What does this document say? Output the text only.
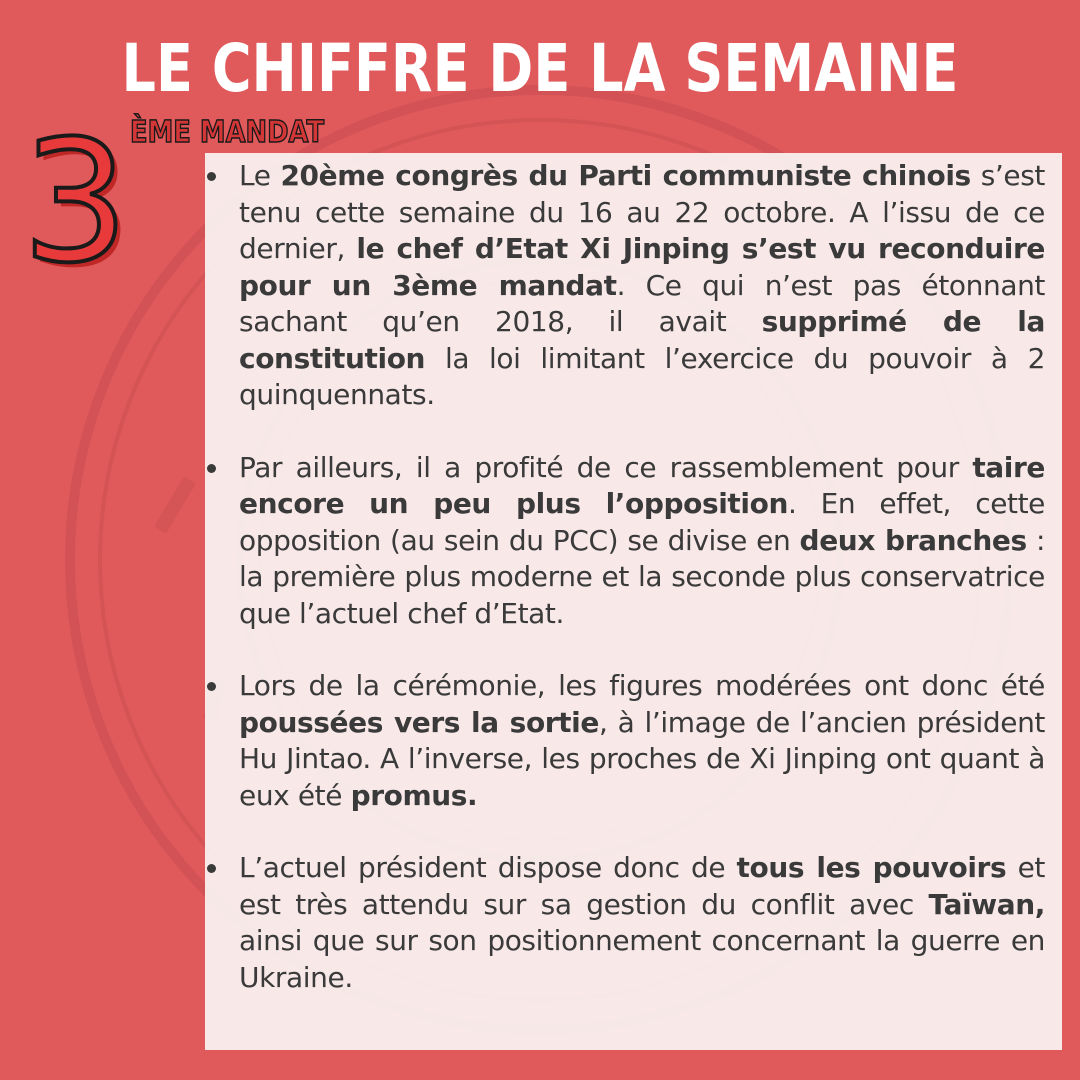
LE CHIFFRE DE LA SEMAINE
3 ÈME MANDAT
Le 20ème congrès du Parti communiste chinois s’est tenu cette semaine du 16 au 22 octobre. A l’issu de ce dernier, le chef d’Etat Xi Jinping s’est vu reconduire pour un 3ème mandat. Ce qui n’est pas étonnant sachant qu’en 2018, il avait supprimé de la constitution la loi limitant l’exercice du pouvoir à 2 quinquennats.
Par ailleurs, il a profité de ce rassemblement pour taire encore un peu plus l’opposition. En effet, cette opposition (au sein du PCC) se divise en deux branches : la première plus moderne et la seconde plus conservatrice que l’actuel chef d’Etat.
Lors de la cérémonie, les figures modérées ont donc été poussées vers la sortie, à l’image de l’ancien président Hu Jintao. A l’inverse, les proches de Xi Jinping ont quant à eux été promus.
L’actuel président dispose donc de tous les pouvoirs et est très attendu sur sa gestion du conflit avec Taïwan, ainsi que sur son positionnement concernant la guerre en Ukraine.
